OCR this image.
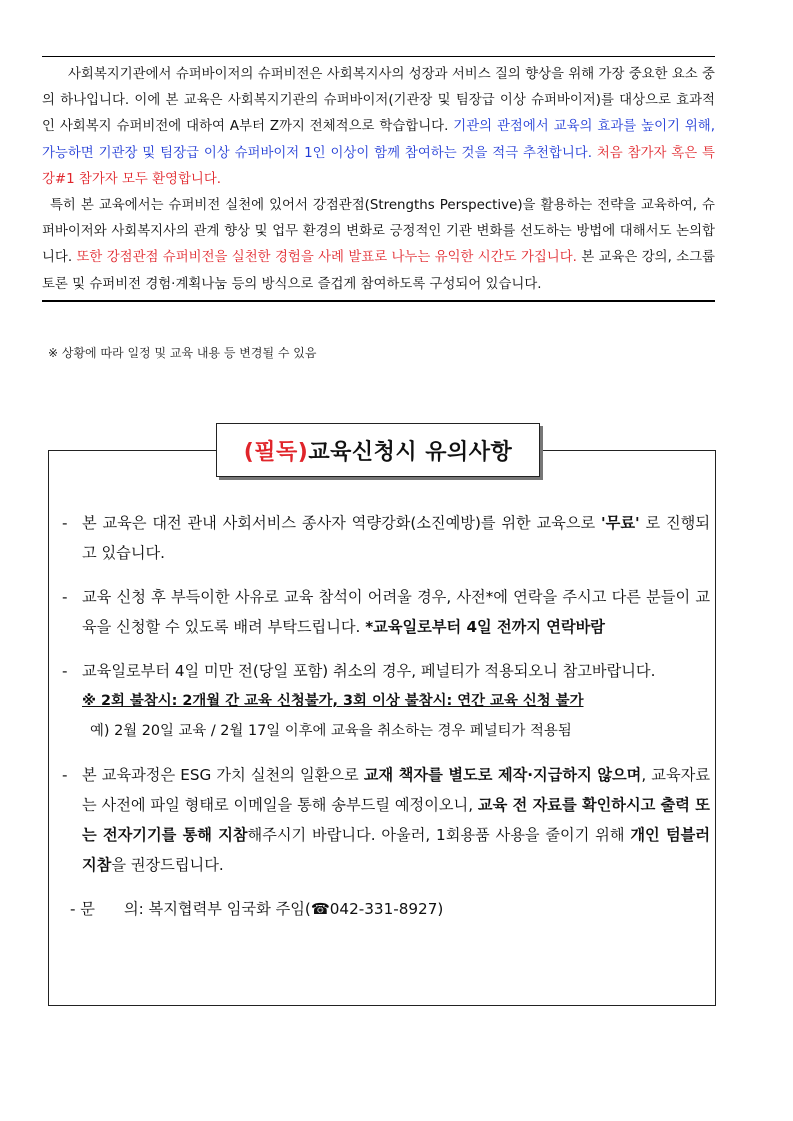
사회복지기관에서 슈퍼바이저의 슈퍼비전은 사회복지사의 성장과 서비스 질의 향상을 위해 가장 중요한 요소 중의 하나입니다. 이에 본 교육은 사회복지기관의 슈퍼바이저(기관장 및 팀장급 이상 슈퍼바이저)를 대상으로 효과적인 사회복지 슈퍼비전에 대하여 A부터 Z까지 전체적으로 학습합니다. 기관의 관점에서 교육의 효과를 높이기 위해, 가능하면 기관장 및 팀장급 이상 슈퍼바이저 1인 이상이 함께 참여하는 것을 적극 추천합니다. 처음 참가자 혹은 특강#1 참가자 모두 환영합니다.

특히 본 교육에서는 슈퍼비전 실천에 있어서 강점관점(Strengths Perspective)을 활용하는 전략을 교육하여, 슈퍼바이저와 사회복지사의 관계 향상 및 업무 환경의 변화로 긍정적인 기관 변화를 선도하는 방법에 대해서도 논의합니다. 또한 강점관점 슈퍼비전을 실천한 경험을 사례 발표로 나누는 유익한 시간도 가집니다. 본 교육은 강의, 소그룹 토론 및 슈퍼비전 경험·계획나눔 등의 방식으로 즐겁게 참여하도록 구성되어 있습니다.

※ 상황에 따라 일정 및 교육 내용 등 변경될 수 있음
(필독) 교육신청시 유의사항
- 본 교육은 대전 관내 사회서비스 종사자 역량강화(소진예방)를 위한 교육으로 '무료' 로 진행되고 있습니다.
- 교육 신청 후 부득이한 사유로 교육 참석이 어려울 경우, 사전*에 연락을 주시고 다른 분들이 교육을 신청할 수 있도록 배려 부탁드립니다. *교육일로부터 4일 전까지 연락바람
- 교육일로부터 4일 미만 전(당일 포함) 취소의 경우, 페널티가 적용되오니 참고바랍니다.
※ 2회 불참시: 2개월 간 교육 신청불가, 3회 이상 불참시: 연간 교육 신청 불가
예) 2월 20일 교육 / 2월 17일 이후에 교육을 취소하는 경우 페널티가 적용됨
- 본 교육과정은 ESG 가치 실천의 일환으로 교재 책자를 별도로 제작·지급하지 않으며, 교육자료는 사전에 파일 형태로 이메일을 통해 송부드릴 예정이오니, 교육 전 자료를 확인하시고 출력 또는 전자기기를 통해 지참해주시기 바랍니다. 아울러, 1회용품 사용을 줄이기 위해 개인 텀블러 지참을 권장드립니다.
- 문      의: 복지협력부 임국화 주임(☎042-331-8927)
